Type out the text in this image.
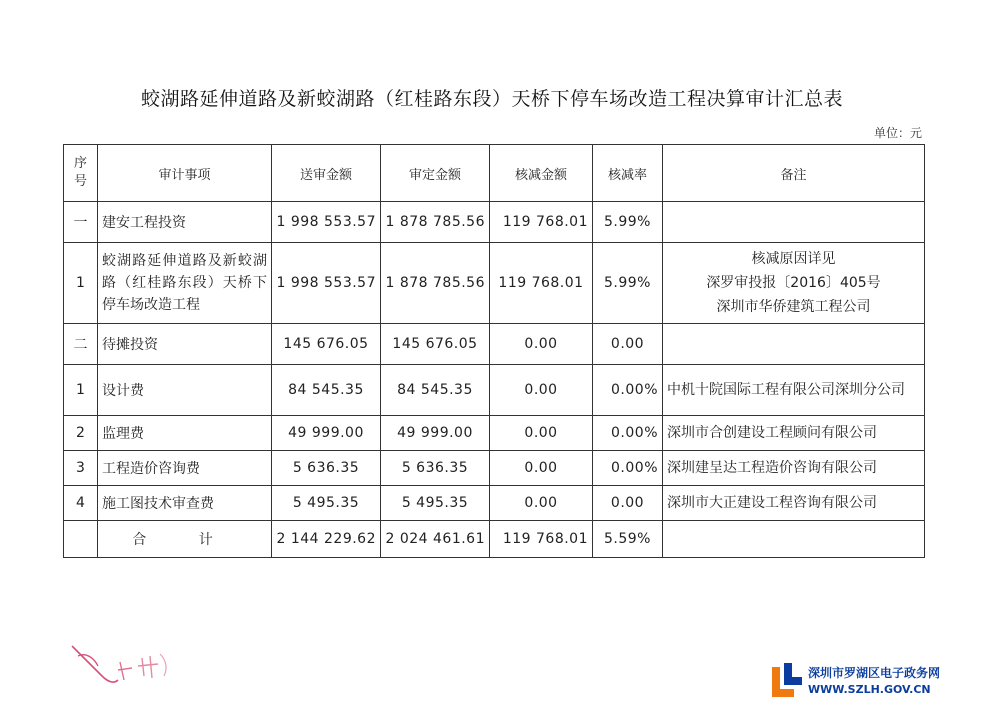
蛟湖路延伸道路及新蛟湖路（红桂路东段）天桥下停车场改造工程决算审计汇总表
单位：元
序号	审计事项	送审金额	审定金额	核减金额	核减率	备注
一	建安工程投资	1 998 553.57	1 878 785.56	119 768.01	5.99%	
1	蛟湖路延伸道路及新蛟湖路（红桂路东段）天桥下停车场改造工程	1 998 553.57	1 878 785.56	119 768.01	5.99%	核减原因详见
深罗审投报〔2016〕405号
深圳市华侨建筑工程公司

二	待摊投资	145 676.05	145 676.05	0.00	0.00	
1	设计费	84 545.35	84 545.35	0.00	0.00%	中机十院国际工程有限公司深圳分公司
2	监理费	49 999.00	49 999.00	0.00	0.00%	深圳市合创建设工程顾问有限公司
3	工程造价咨询费	5 636.35	5 636.35	0.00	0.00%	深圳建呈达工程造价咨询有限公司
4	施工图技术审查费	5 495.35	5 495.35	0.00	0.00	深圳市大正建设工程咨询有限公司
	合 计	2 144 229.62	2 024 461.61	119 768.01	5.59%	
深圳市罗湖区电子政务网
WWW.SZLH.GOV.CN
